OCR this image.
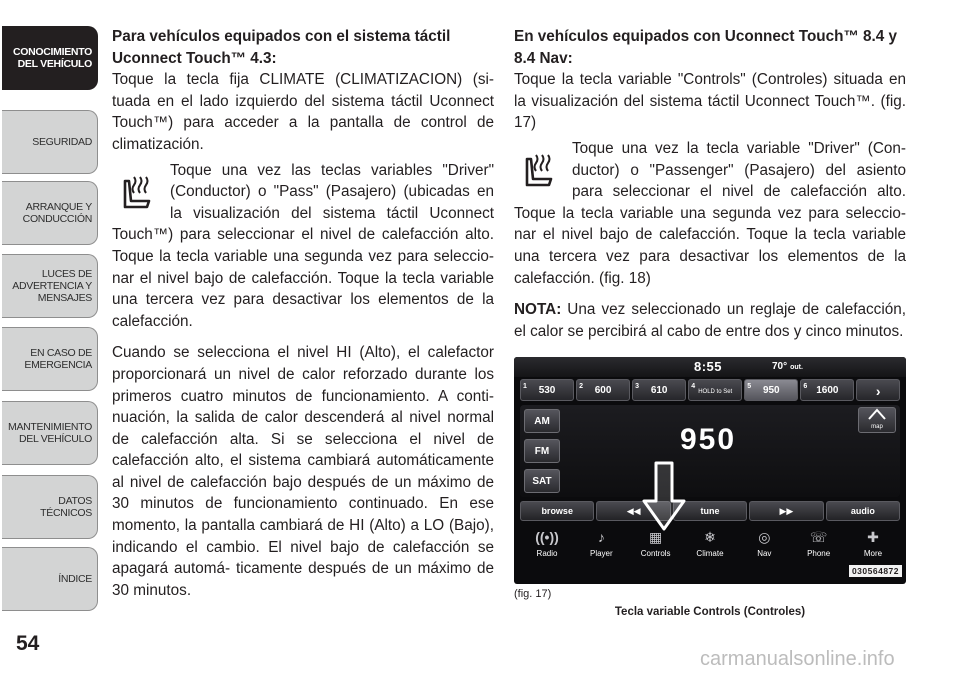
CONOCIMIENTO
DEL VEHÍCULO
SEGURIDAD
ARRANQUE Y
CONDUCCIÓN
LUCES DE
ADVERTENCIA Y
MENSAJES
EN CASO DE
EMERGENCIA
MANTENIMIENTO
DEL VEHÍCULO
DATOS
TÉCNICOS
ÍNDICE
54

Para vehículos equipados con el sistema táctil Uconnect Touch™ 4.3:

Toque la tecla fija CLIMATE (CLIMATIZACION) (si- tuada en el lado izquierdo del sistema táctil Uconnect Touch™) para acceder a la pantalla de control de climatización.

Toque una vez las teclas variables "Driver" (Conductor) o "Pass" (Pasajero) (ubicadas en la visualización del sistema táctil Uconnect Touch™) para seleccionar el nivel de calefacción alto. Toque la tecla variable una segunda vez para seleccio- nar el nivel bajo de calefacción. Toque la tecla variable una tercera vez para desactivar los elementos de la calefacción.

Cuando se selecciona el nivel HI (Alto), el calefactor proporcionará un nivel de calor reforzado durante los primeros cuatro minutos de funcionamiento. A conti- nuación, la salida de calor descenderá al nivel normal de calefacción alta. Si se selecciona el nivel de calefacción alto, el sistema cambiará automáticamente al nivel de calefacción bajo después de un máximo de 30 minutos de funcionamiento continuado. En ese momento, la pantalla cambiará de HI (Alto) a LO (Bajo), indicando el cambio. El nivel bajo de calefacción se apagará automá- ticamente después de un máximo de 30 minutos.

En vehículos equipados con Uconnect Touch™ 8.4 y 8.4 Nav:

Toque la tecla variable "Controls" (Controles) situada en la visualización del sistema táctil Uconnect Touch™. (fig. 17)

Toque una vez la tecla variable "Driver" (Con- ductor) o "Passenger" (Pasajero) del asiento para seleccionar el nivel de calefacción alto. Toque la tecla variable una segunda vez para seleccio- nar el nivel bajo de calefacción. Toque la tecla variable una tercera vez para desactivar los elementos de la calefacción. (fig. 18)

NOTA: Una vez seleccionado un reglaje de calefacción, el calor se percibirá al cabo de entre dos y cinco minutos.

8:55	70° out.
1 530	2 600	3 610	4
HOLD to Set
5 950	6 1600	›
AM
FM
SAT
950	map
browse	◀◀	tune	▶▶	audio
((•))
Radio
♪
Player
▦
Controls
❄
Climate
◎
Nav
☏
Phone
✚
More
030564872
(fig. 17)
Tecla variable Controls (Controles)
carmanualsonline.info
